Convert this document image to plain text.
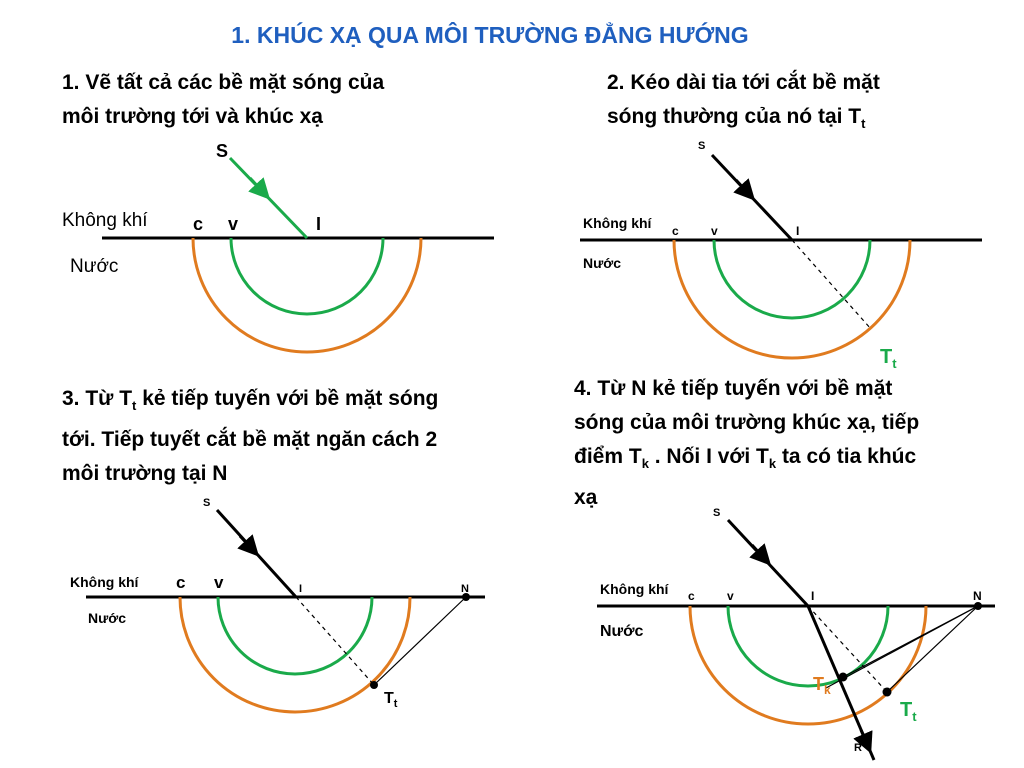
1. KHÚC XẠ QUA MÔI TRƯỜNG ĐẲNG HƯỚNG
1. Vẽ tất cả các bề mặt sóng của
môi trường tới và khúc xạ
2. Kéo dài tia tới cắt bề mặt
sóng thường của nó tại $T_t$
3. Từ $T_t$ kẻ tiếp tuyến với bề mặt sóng
tới. Tiếp tuyết cắt bề mặt ngăn cách 2
môi trường tại N
4. Từ N kẻ tiếp tuyến với bề mặt
sóng của môi trường khúc xạ, tiếp
điểm $T_k$ . Nối I với $T_k$ ta có tia khúc
xạ
S
Không khí
Nước
c v	I
S
Không khí
Nước
c	v	I
$T_t$
S
Không khí
Nước
c v	I	N
$T_t$
S
Không khí
Nước
c	v	I	N
R
$T_k$
$T_t$
